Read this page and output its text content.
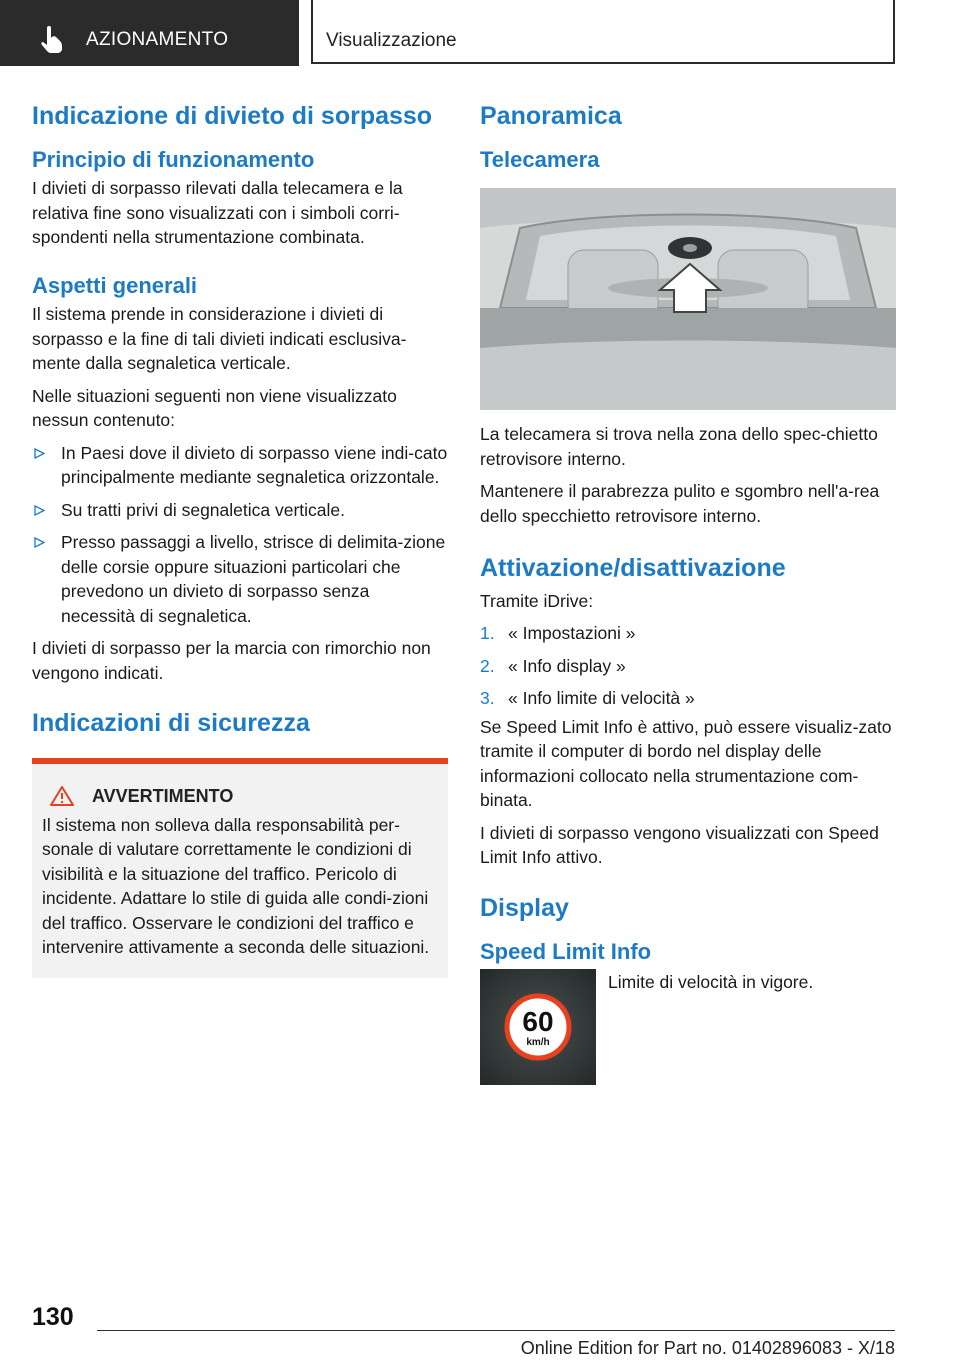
AZIONAMENTO	Visualizzazione
Indicazione di divieto di sorpasso
Principio di funzionamento

I divieti di sorpasso rilevati dalla telecamera e la relativa fine sono visualizzati con i simboli corri-spondenti nella strumentazione combinata.

Aspetti generali

Il sistema prende in considerazione i divieti di sorpasso e la fine di tali divieti indicati esclusiva-mente dalla segnaletica verticale.

Nelle situazioni seguenti non viene visualizzato nessun contenuto:

In Paesi dove il divieto di sorpasso viene indi-cato principalmente mediante segnaletica orizzontale.
Su tratti privi di segnaletica verticale.
Presso passaggi a livello, strisce di delimita-zione delle corsie oppure situazioni particolari che prevedono un divieto di sorpasso senza necessità di segnaletica.

I divieti di sorpasso per la marcia con rimorchio non vengono indicati.

Indicazioni di sicurezza
AVVERTIMENTO

Il sistema non solleva dalla responsabilità per-sonale di valutare correttamente le condizioni di visibilità e la situazione del traffico. Pericolo di incidente. Adattare lo stile di guida alle condi-zioni del traffico. Osservare le condizioni del traffico e intervenire attivamente a seconda delle situazioni.

Panoramica
Telecamera

La telecamera si trova nella zona dello spec-chietto retrovisore interno.

Mantenere il parabrezza pulito e sgombro nell'a-rea dello specchietto retrovisore interno.

Attivazione/disattivazione

Tramite iDrive:

1. « Impostazioni »
2. « Info display »
3. « Info limite di velocità »

Se Speed Limit Info è attivo, può essere visualiz-zato tramite il computer di bordo nel display delle informazioni collocato nella strumentazione com-binata.

I divieti di sorpasso vengono visualizzati con Speed Limit Info attivo.

Display
Speed Limit Info
60
km/h

Limite di velocità in vigore.

130
Online Edition for Part no. 01402896083 - X/18
